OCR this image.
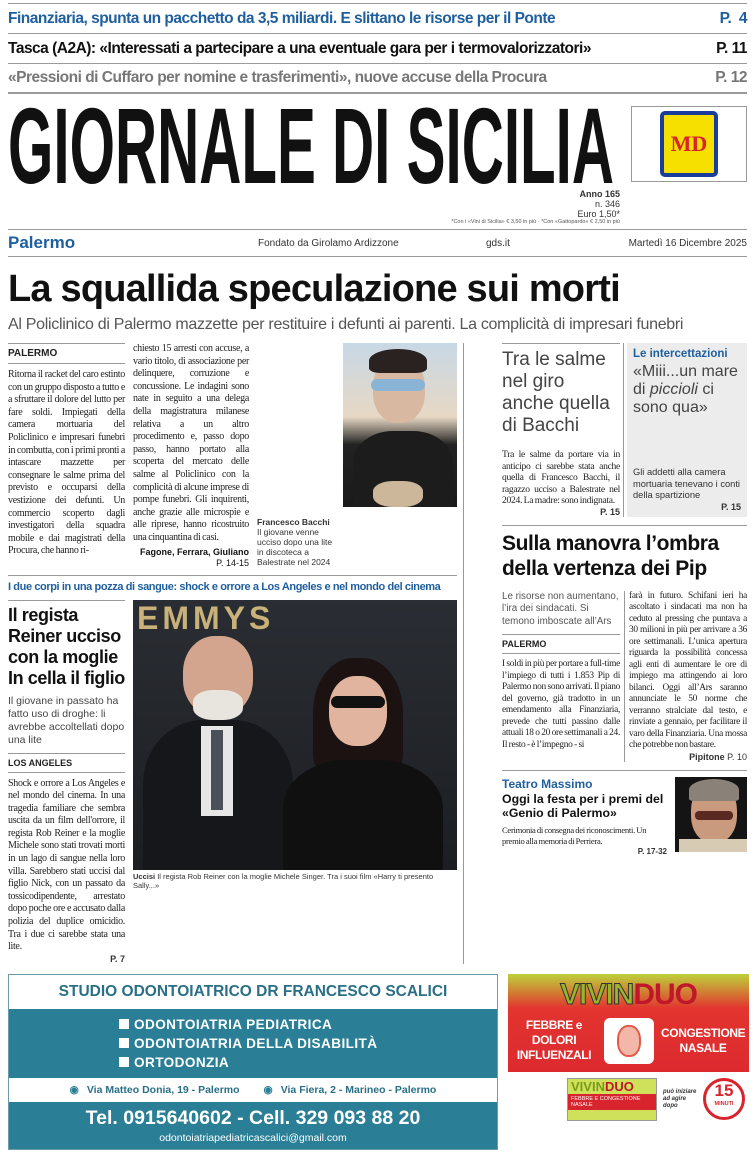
Finanziaria, spunta un pacchetto da 3,5 miliardi. E slittano le risorse per il Ponte	P.  4
Tasca (A2A): «Interessati a partecipare a una eventuale gara per i termovalorizzatori»	P. 11
«Pressioni di Cuffaro per nomine e trasferimenti», nuove accuse della Procura	P. 12
GIORNALE DI SICILIA
Anno 165
n. 346
Euro 1,50*
*Con i «Vini di Sicilia» € 3,50 in più · *Con «Gattopardo» € 2,50 in più
MD
Palermo	Fondato da Girolamo Ardizzone	gds.it	Martedì 16 Dicembre 2025
La squallida speculazione sui morti
Al Policlinico di Palermo mazzette per restituire i defunti ai parenti. La complicità di impresari funebri
PALERMO
Ritorna il racket del caro estinto con un gruppo disposto a tutto e a sfruttare il dolore del lutto per fare soldi. Impiegati della camera mortuaria del Policlinico e impresari funebri in combutta, con i primi pronti a intascare mazzette per consegnare le salme prima del previsto e occuparsi della vestizione dei defunti. Un commercio scoperto dagli investigatori della squadra mobile e dai magistrati della Procura, che hanno ri-
chiesto 15 arresti con accuse, a vario titolo, di associazione per delinquere, corruzione e concussione. Le indagini sono nate in seguito a una delega della magistratura milanese relativa a un altro procedimento e, passo dopo passo, hanno portato alla scoperta del mercato delle salme al Policlinico con la complicità di alcune imprese di pompe funebri. Gli inquirenti, anche grazie alle microspie e alle riprese, hanno ricostruito una cinquantina di casi.
Fagone, Ferrara, Giuliano
P. 14-15
Francesco Bacchi
Il giovane venne ucciso dopo una lite in discoteca a Balestrate nel 2024
I due corpi in una pozza di sangue: shock e orrore a Los Angeles e nel mondo del cinema
Il regista Reiner ucciso con la moglie In cella il figlio
Il giovane in passato ha fatto uso di droghe: li avrebbe accoltellati dopo una lite
LOS ANGELES
Shock e orrore a Los Angeles e nel mondo del cinema. In una tragedia familiare che sembra uscita da un film dell'orrore, il regista Rob Reiner e la moglie Michele sono stati trovati morti in un lago di sangue nella loro villa. Sarebbero stati uccisi dal figlio Nick, con un passato da tossicodipendente, arrestato dopo poche ore e accusato dalla polizia del duplice omicidio. Tra i due ci sarebbe stata una lite.
P. 7
EMMYS
Uccisi Il regista Rob Reiner con la moglie Michele Singer. Tra i suoi film «Harry ti presento Sally...»
Tra le salme nel giro anche quella di Bacchi
Tra le salme da portare via in anticipo ci sarebbe stata anche quella di Francesco Bacchi, il ragazzo ucciso a Balestrate nel 2024. La madre: sono indignata.
P. 15
Le intercettazioni
«Miii...un mare di piccioli ci sono qua»
Gli addetti alla camera mortuaria tenevano i conti della spartizione
P. 15
Sulla manovra l’ombra della vertenza dei Pip
Le risorse non aumentano, l’ira dei sindacati. Si temono imboscate all’Ars
PALERMO
I soldi in più per portare a full-time l’impiego di tutti i 1.853 Pip di Palermo non sono arrivati. Il piano del governo, già tradotto in un emendamento alla Finanziaria, prevede che tutti passino dalle attuali 18 o 20 ore settimanali a 24. Il resto - è l’impegno - si
farà in futuro. Schifani ieri ha ascoltato i sindacati ma non ha ceduto al pressing che puntava a 30 milioni in più per arrivare a 36 ore settimanali. L’unica apertura riguarda la possibilità concessa agli enti di aumentare le ore di impiego ma attingendo ai loro bilanci. Oggi all’Ars saranno annunciate le 50 norme che verranno stralciate dal testo, e rinviate a gennaio, per facilitare il varo della Finanziaria. Una mossa che potrebbe non bastare.
Pipitone P. 10
Teatro Massimo
Oggi la festa per i premi del «Genio di Palermo»
Cerimonia di consegna dei riconoscimenti. Un premio alla memoria di Perriera.
P. 17-32
STUDIO ODONTOIATRICO DR FRANCESCO SCALICI
ODONTOIATRIA PEDIATRICA
ODONTOIATRIA DELLA DISABILITÀ
ORTODONZIA
◉ Via Matteo Donia, 19 - Palermo ◉ Via Fiera, 2 - Marineo - Palermo
Tel. 0915640602 - Cell. 329 093 88 20
odontoiatriapediatricascalici@gmail.com
VIVINDUO
FEBBRE e DOLORI INFLUENZALI
CONGESTIONE NASALE
VIVINDUO
FEBBRE E CONGESTIONE NASALE
può iniziare ad agire dopo
15
MINUTI
